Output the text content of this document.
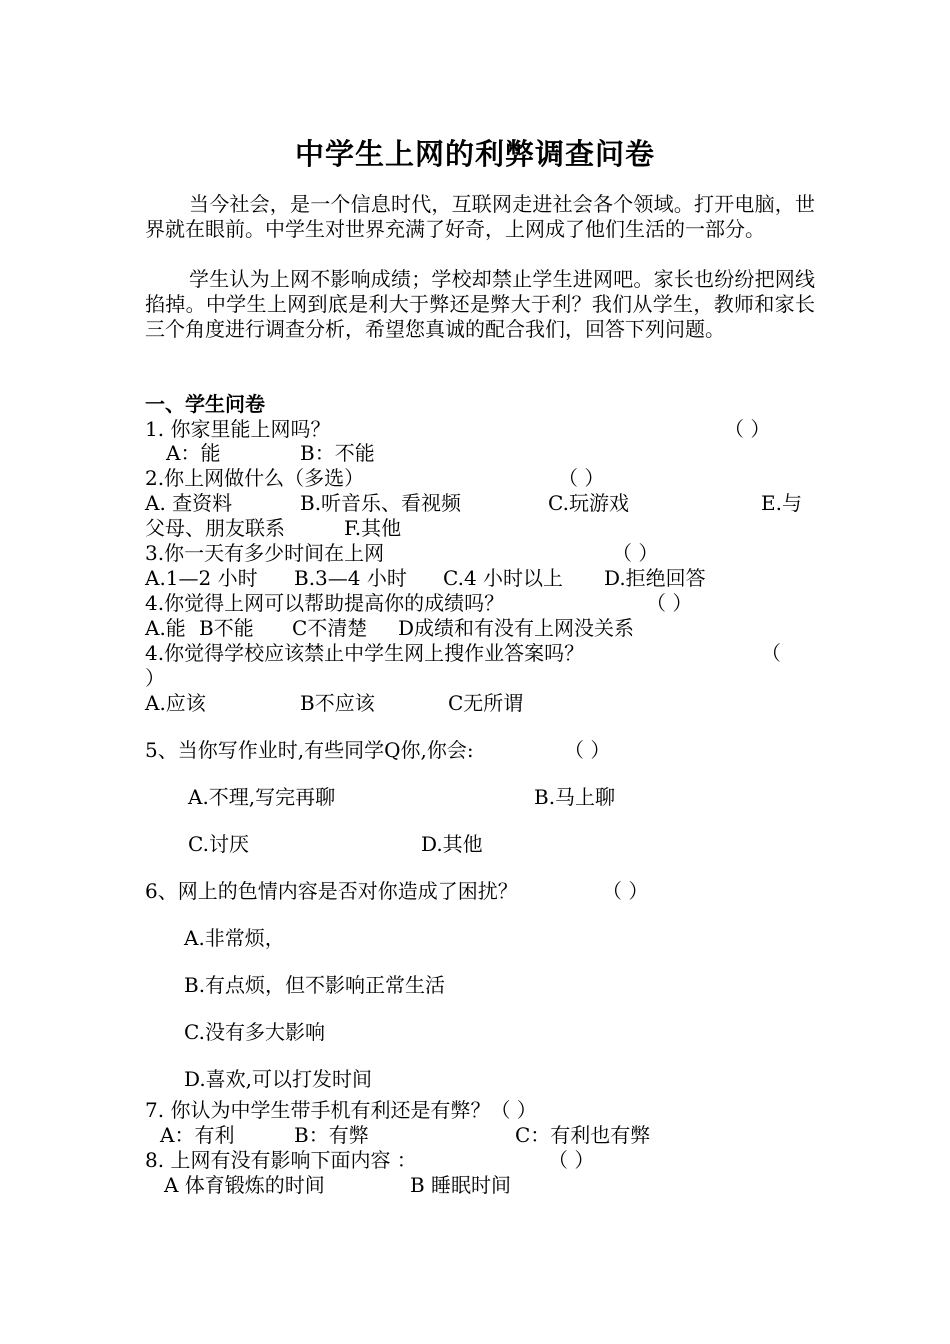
中学生上网的利弊调查问卷

当今社会，是一个信息时代，互联网走进社会各个领域。打开电脑，世界就在眼前。中学生对世界充满了好奇，上网成了他们生活的一部分。

学生认为上网不影响成绩；学校却禁止学生进网吧。家长也纷纷把网线掐掉。中学生上网到底是利大于弊还是弊大于利？我们从学生，教师和家长三个角度进行调查分析，希望您真诚的配合我们，回答下列问题。

一、学生问卷
1. 你家里能上网吗？	（ ）
A：能	B：不能
2.你上网做什么（多选）	（ ）
A. 查资料	B.听音乐、看视频	C.玩游戏	E.与
父母、朋友联系	F.其他
3.你一天有多少时间在上网	（ ）
A.1—2 小时 B.3—4 小时 C.4 小时以上 D.拒绝回答
4.你觉得上网可以帮助提高你的成绩吗？	（ ）
A.能 B不能 C不清楚 D成绩和有没有上网没关系
4.你觉得学校应该禁止中学生网上搜作业答案吗？	（
）
A.应该	B不应该	C无所谓
5、当你写作业时,有些同学Q你,你会:	（ ）
A.不理,写完再聊	B.马上聊
C.讨厌	D.其他
6、网上的色情内容是否对你造成了困扰？	（ ）
A.非常烦，
B.有点烦，但不影响正常生活
C.没有多大影响
D.喜欢,可以打发时间
7. 你认为中学生带手机有利还是有弊？（ ）
A：有利	B：有弊	C：有利也有弊
8. 上网有没有影响下面内容 ：	（ ）
A 体育锻炼的时间	B 睡眠时间
